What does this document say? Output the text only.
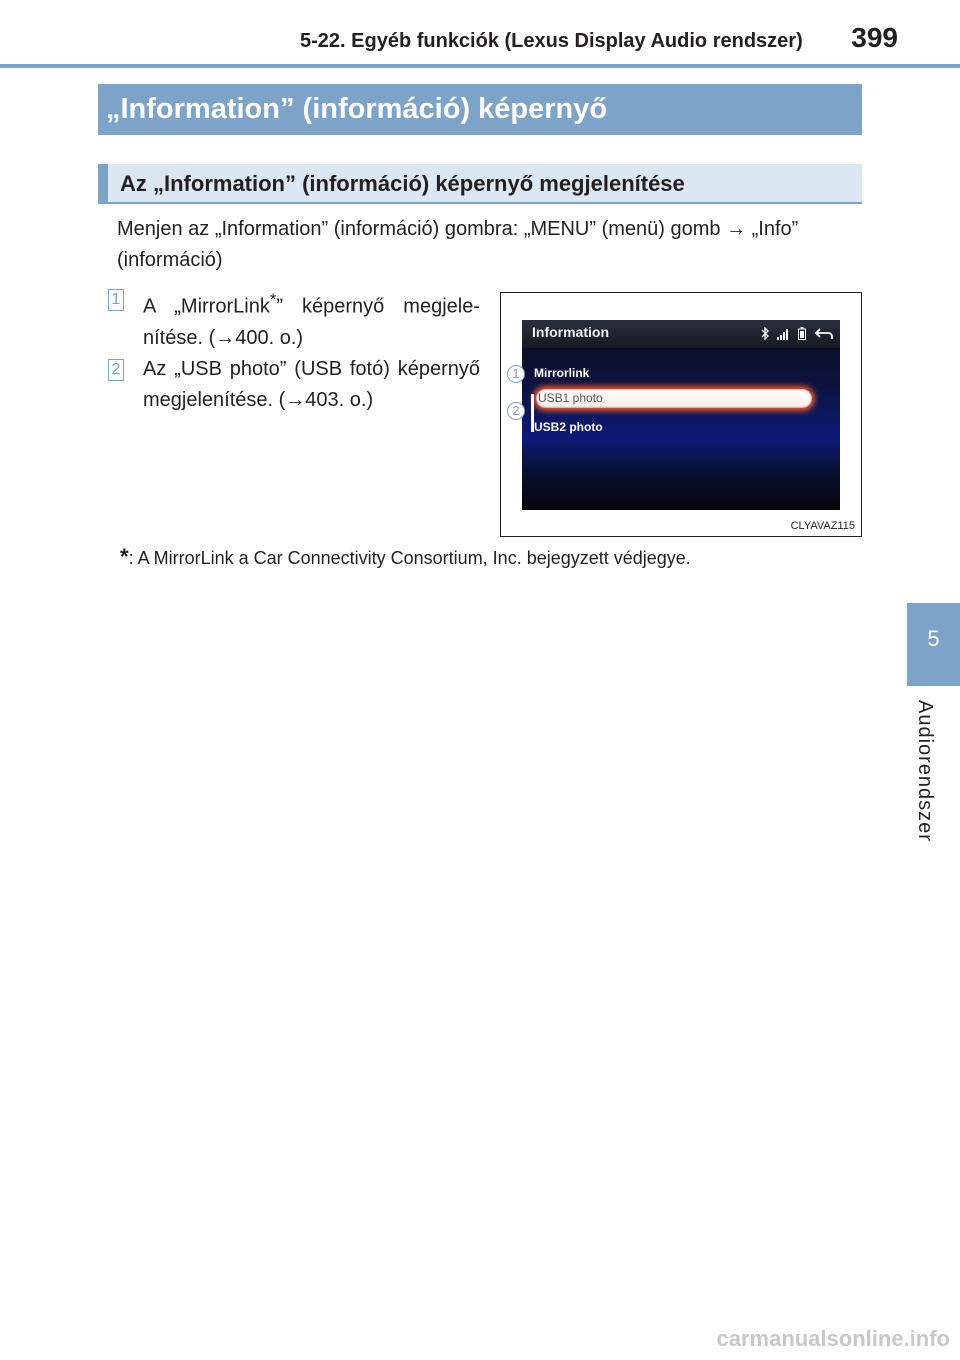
5-22. Egyéb funkciók (Lexus Display Audio rendszer)	399
„Information” (információ) képernyő
Az „Information” (információ) képernyő megjelenítése

Menjen az „Information” (információ) gombra: „MENU” (menü) gomb → „Info” (információ)

1 A „MirrorLink*” képernyő megjelenítése. (→400. o.)
2 Az „USB photo” (USB fotó) képernyő megjelenítése. (→403. o.)
Information

Mirrorlink
USB1 photo
USB2 photo
1
2
CLYAVAZ115
*: A MirrorLink a Car Connectivity Consortium, Inc. bejegyzett védjegye.
5
Audiorendszer
carmanualsonline.info
